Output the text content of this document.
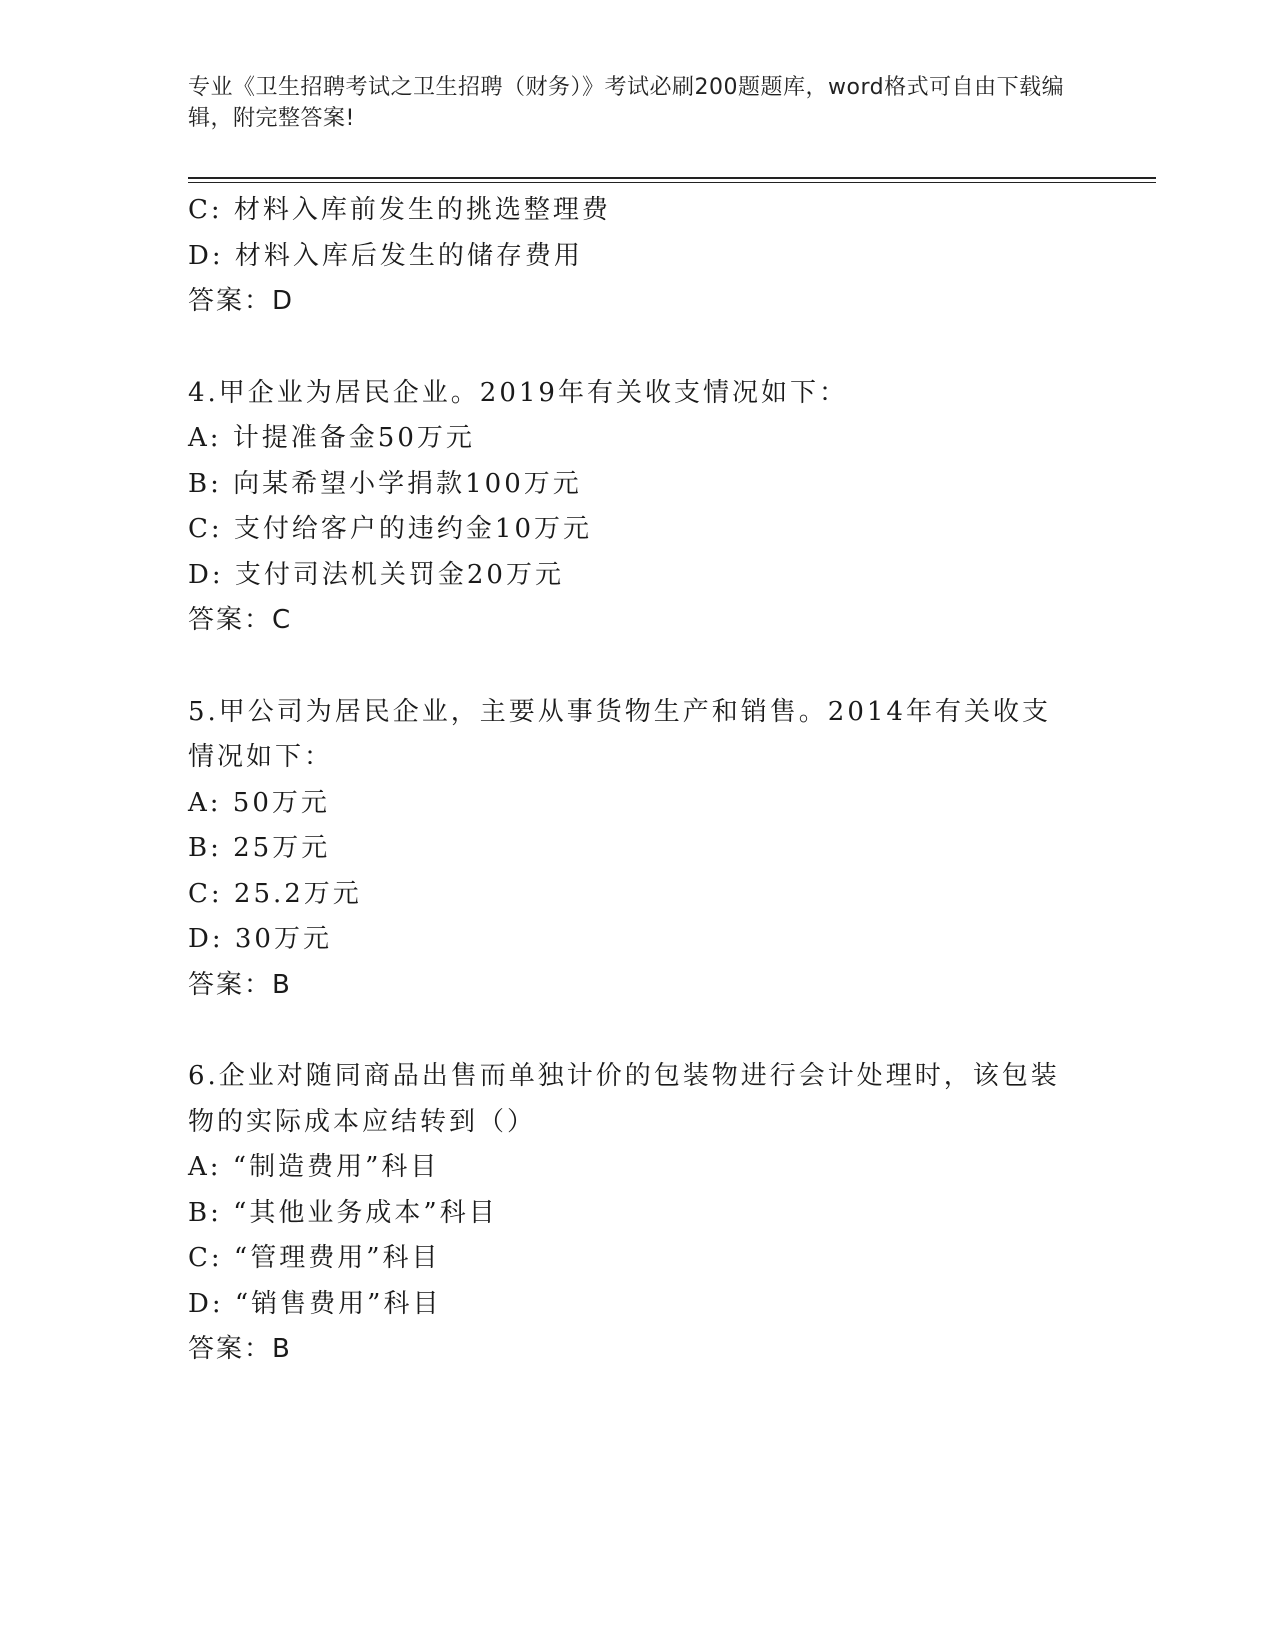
专业《卫生招聘考试之卫生招聘（财务）》考试必刷200题题库，word格式可自由下载编辑，附完整答案!
C: 材料入库前发生的挑选整理费
D: 材料入库后发生的储存费用
答案：D
4.甲企业为居民企业。2019年有关收支情况如下：
A: 计提准备金50万元
B: 向某希望小学捐款100万元
C: 支付给客户的违约金10万元
D: 支付司法机关罚金20万元
答案：C
5.甲公司为居民企业，主要从事货物生产和销售。2014年有关收支情况如下：
A: 50万元
B: 25万元
C: 25.2万元
D: 30万元
答案：B
6.企业对随同商品出售而单独计价的包装物进行会计处理时，该包装物的实际成本应结转到（）
A: “制造费用”科目
B: “其他业务成本”科目
C: “管理费用”科目
D: “销售费用”科目
答案：B
